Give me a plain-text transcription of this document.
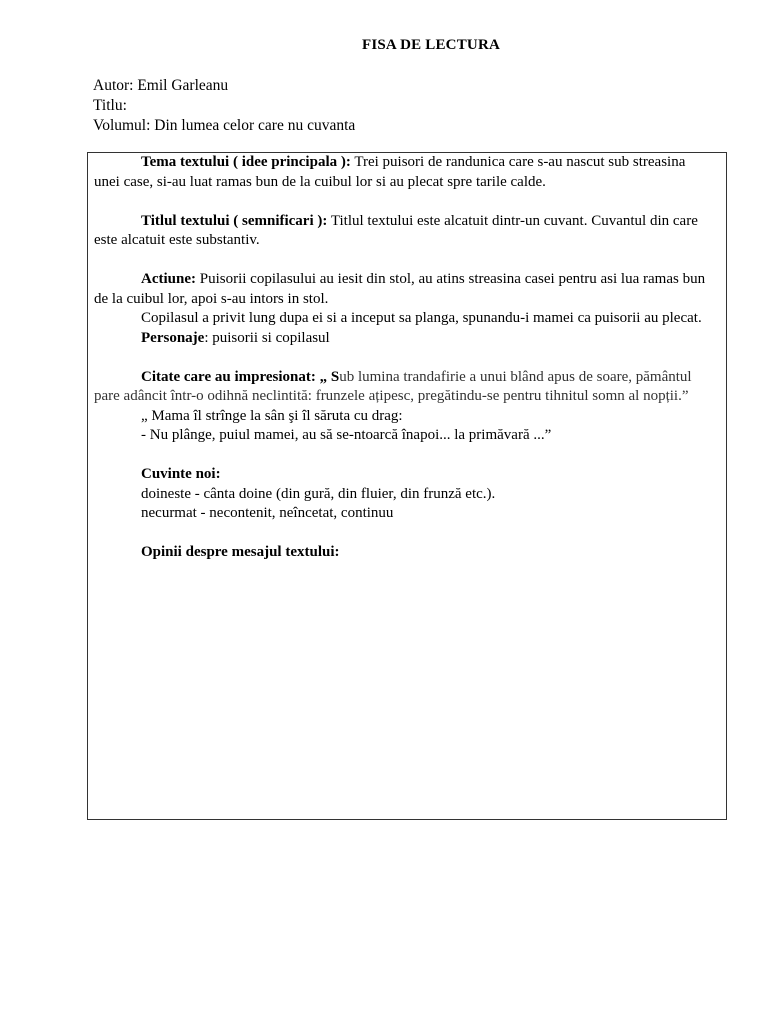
FISA DE LECTURA
Autor: Emil Garleanu
Titlu:
Volumul: Din lumea celor care nu cuvanta

Tema textului ( idee principala ): Trei puisori de randunica care s-au nascut sub streasina unei case, si-au luat ramas bun de la cuibul lor si au plecat spre tarile calde.

Titlul textului ( semnificari ): Titlul textului este alcatuit dintr-un cuvant. Cuvantul din care este alcatuit este substantiv.

Actiune: Puisorii copilasului au iesit din stol, au atins streasina casei pentru asi lua ramas bun de la cuibul lor, apoi s-au intors in stol.

Copilasul a privit lung dupa ei si a inceput sa planga, spunandu-i mamei ca puisorii au plecat.

Personaje: puisorii si copilasul

Citate care au impresionat: „ Sub lumina trandafirie a unui blând apus de soare, pământul pare adâncit într-o odihnă neclintită: frunzele ațipesc, pregătindu-se pentru tihnitul somn al nopții.”

„ Mama îl strînge la sân şi îl săruta cu drag:
- Nu plânge, puiul mamei, au să se-ntoarcă înapoi... la primăvară ...”
Cuvinte noi:
doineste - cânta doine (din gură, din fluier, din frunză etc.).
necurmat - necontenit, neîncetat, continuu
Opinii despre mesajul textului:
